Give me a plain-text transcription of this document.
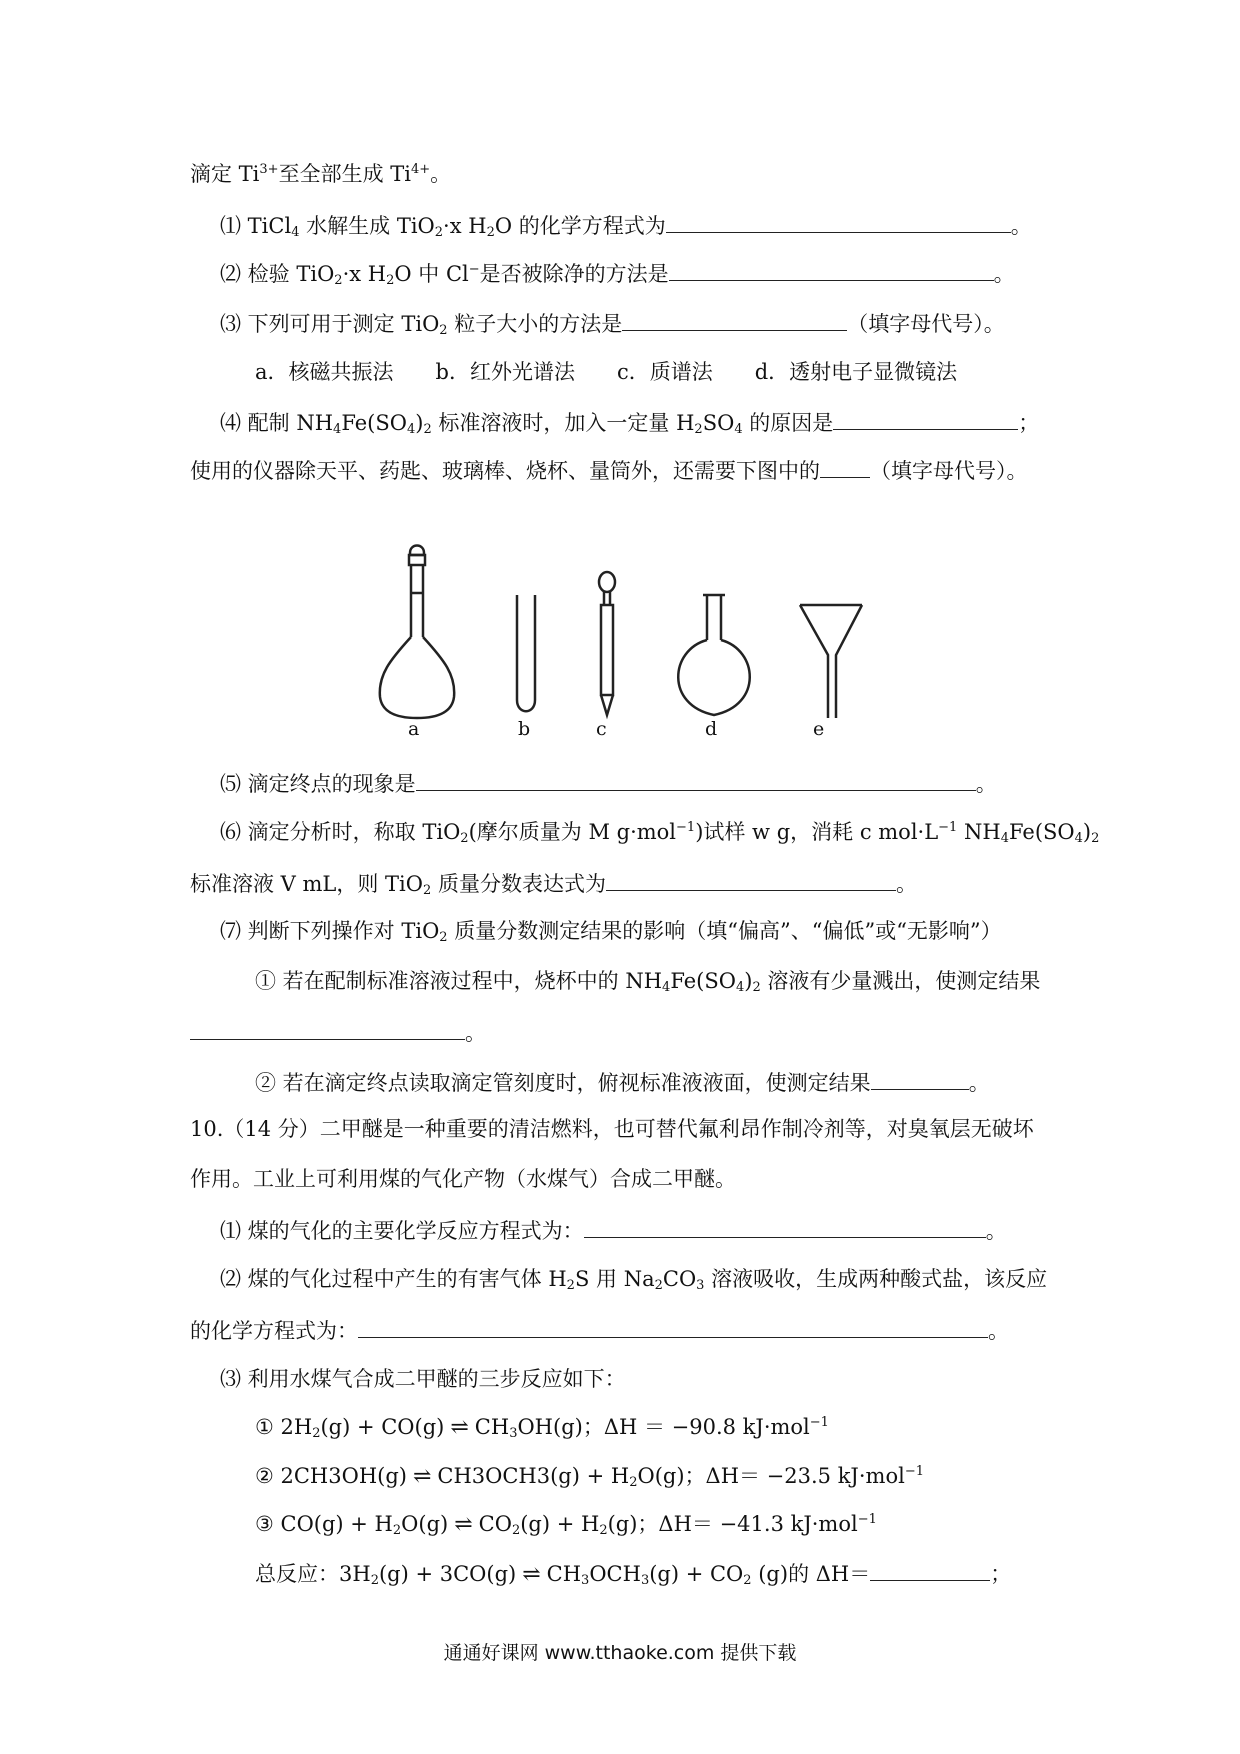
滴定 $Ti^{3+}$至全部生成 $Ti^{4+}$。
⑴ TiCl$_4$ 水解生成 TiO$_2$·x $H_2O$ 的化学方程式为	。
⑵ 检验 TiO$_2$·x $H_2O$ 中 Cl−是否被除净的方法是	。
⑶ 下列可用于测定 TiO$_2$ 粒子大小的方法是	（填字母代号）。
a．核磁共振法　　b．红外光谱法　　c．质谱法　　d．透射电子显微镜法
⑷ 配制 $NH_4Fe(SO_4)_2$ 标准溶液时，加入一定量 $H_2SO_4$ 的原因是	；
使用的仪器除天平、药匙、玻璃棒、烧杯、量筒外，还需要下图中的 （填字母代号）。
a	b	c	d	e
⑸ 滴定终点的现象是	。
⑹ 滴定分析时，称取 TiO$_2$(摩尔质量为 M g·mol$^{-1}$)试样 w g，消耗 c $mol\cdot L^{-1}$ $NH_4Fe(SO_4)_2$
标准溶液 V mL，则 TiO$_2$ 质量分数表达式为	。
⑺ 判断下列操作对 TiO$_2$ 质量分数测定结果的影响（填“偏高”、“偏低”或“无影响”）
① 若在配制标准溶液过程中，烧杯中的 $NH_4Fe(SO_4)_2$ 溶液有少量溅出，使测定结果
。
② 若在滴定终点读取滴定管刻度时，俯视标准液液面，使测定结果	。
10.（14 分）二甲醚是一种重要的清洁燃料，也可替代氟利昂作制冷剂等，对臭氧层无破坏
作用。工业上可利用煤的气化产物（水煤气）合成二甲醚。
⑴ 煤的气化的主要化学反应方程式为：	。
⑵ 煤的气化过程中产生的有害气体 $H_2S$ 用 $Na_2CO_3$ 溶液吸收，生成两种酸式盐，该反应
的化学方程式为：	。
⑶ 利用水煤气合成二甲醚的三步反应如下：
① $2H_2(g) + CO(g)$ ⇌ $CH_3OH(g)$；ΔH ＝ −90.8 kJ·mol$^{-1}$
② 2CH3OH(g) ⇌ $CH3OCH3(g) + H_2O(g)$；ΔH＝ −23.5 kJ·mol$^{-1}$
③ $CO(g) + H_2O(g)$ ⇌ $CO_2(g) + H_2(g)$；ΔH＝ −41.3 kJ·mol$^{-1}$
总反应：$3H_2(g) + 3CO(g)$ ⇌ $CH_3OCH_3(g) + CO_2$ (g)的 ΔH＝	；
通通好课网 www.tthaoke.com 提供下载
